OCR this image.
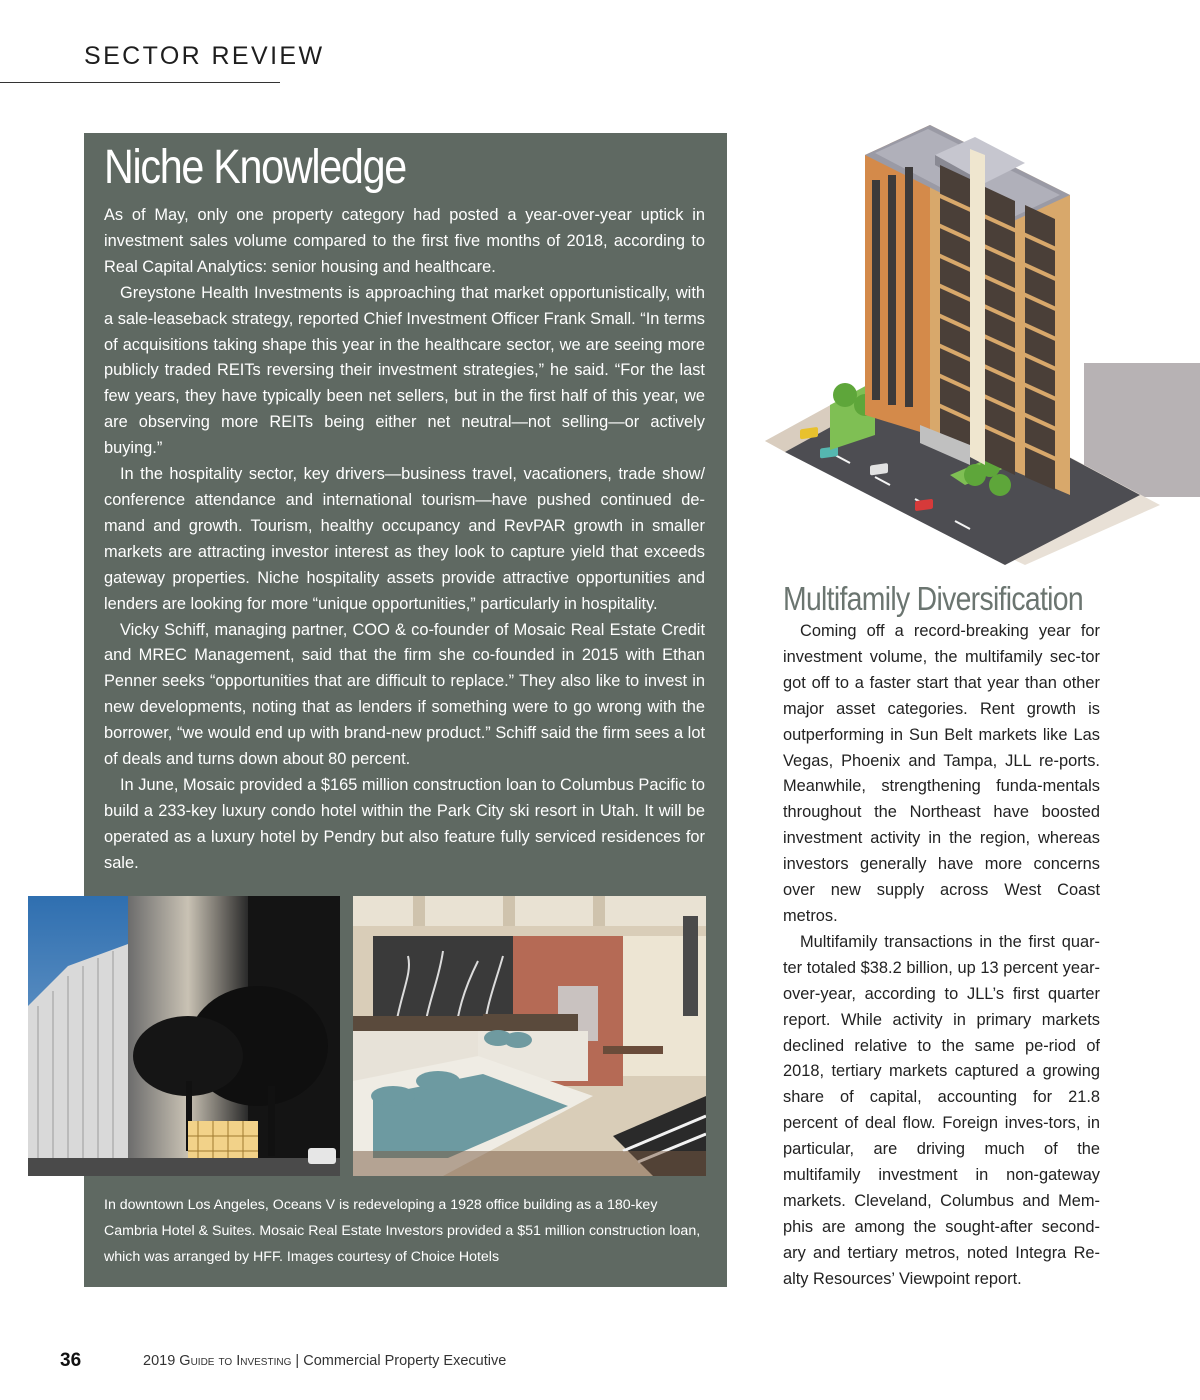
SECTOR REVIEW
Niche Knowledge

As of May, only one property category had posted a year-over-year uptick in investment sales volume compared to the first five months of 2018, according to Real Capital Analytics: senior housing and healthcare.

Greystone Health Investments is approaching that market opportunistically, with a sale-leaseback strategy, reported Chief Investment Officer Frank Small. “In terms of acquisitions taking shape this year in the healthcare sector, we are seeing more publicly traded REITs reversing their investment strategies,” he said. “For the last few years, they have typically been net sellers, but in the first half of this year, we are observing more REITs being either net neutral—not selling—or actively buying.”

In the hospitality sector, key drivers—business travel, vacationers, trade show/ conference attendance and international tourism—have pushed continued de-mand and growth. Tourism, healthy occupancy and RevPAR growth in smaller markets are attracting investor interest as they look to capture yield that exceeds gateway properties. Niche hospitality assets provide attractive opportunities and lenders are looking for more “unique opportunities,” particularly in hospitality.

Vicky Schiff, managing partner, COO & co-founder of Mosaic Real Estate Credit and MREC Management, said that the firm she co-founded in 2015 with Ethan Penner seeks “opportunities that are difficult to replace.” They also like to invest in new developments, noting that as lenders if something were to go wrong with the borrower, “we would end up with brand-new product.” Schiff said the firm sees a lot of deals and turns down about 80 percent.

In June, Mosaic provided a $165 million construction loan to Columbus Pacific to build a 233-key luxury condo hotel within the Park City ski resort in Utah. It will be operated as a luxury hotel by Pendry but also feature fully serviced residences for sale.

In downtown Los Angeles, Oceans V is redeveloping a 1928 office building as a 180-key Cambria Hotel & Suites. Mosaic Real Estate Investors provided a $51 million construction loan, which was arranged by HFF. Images courtesy of Choice Hotels
Multifamily Diversification

Coming off a record-breaking year for investment volume, the multifamily sec-tor got off to a faster start that year than other major asset categories. Rent growth is outperforming in Sun Belt markets like Las Vegas, Phoenix and Tampa, JLL re-ports. Meanwhile, strengthening funda-mentals throughout the Northeast have boosted investment activity in the region, whereas investors generally have more concerns over new supply across West Coast metros.

Multifamily transactions in the first quar-ter totaled $38.2 billion, up 13 percent year-over-year, according to JLL’s first quarter report. While activity in primary markets declined relative to the same pe-riod of 2018, tertiary markets captured a growing share of capital, accounting for 21.8 percent of deal flow. Foreign inves-tors, in particular, are driving much of the multifamily investment in non-gateway markets. Cleveland, Columbus and Mem-phis are among the sought-after second-ary and tertiary metros, noted Integra Re-alty Resources’ Viewpoint report.

36	2019 Guide to Investing | Commercial Property Executive
